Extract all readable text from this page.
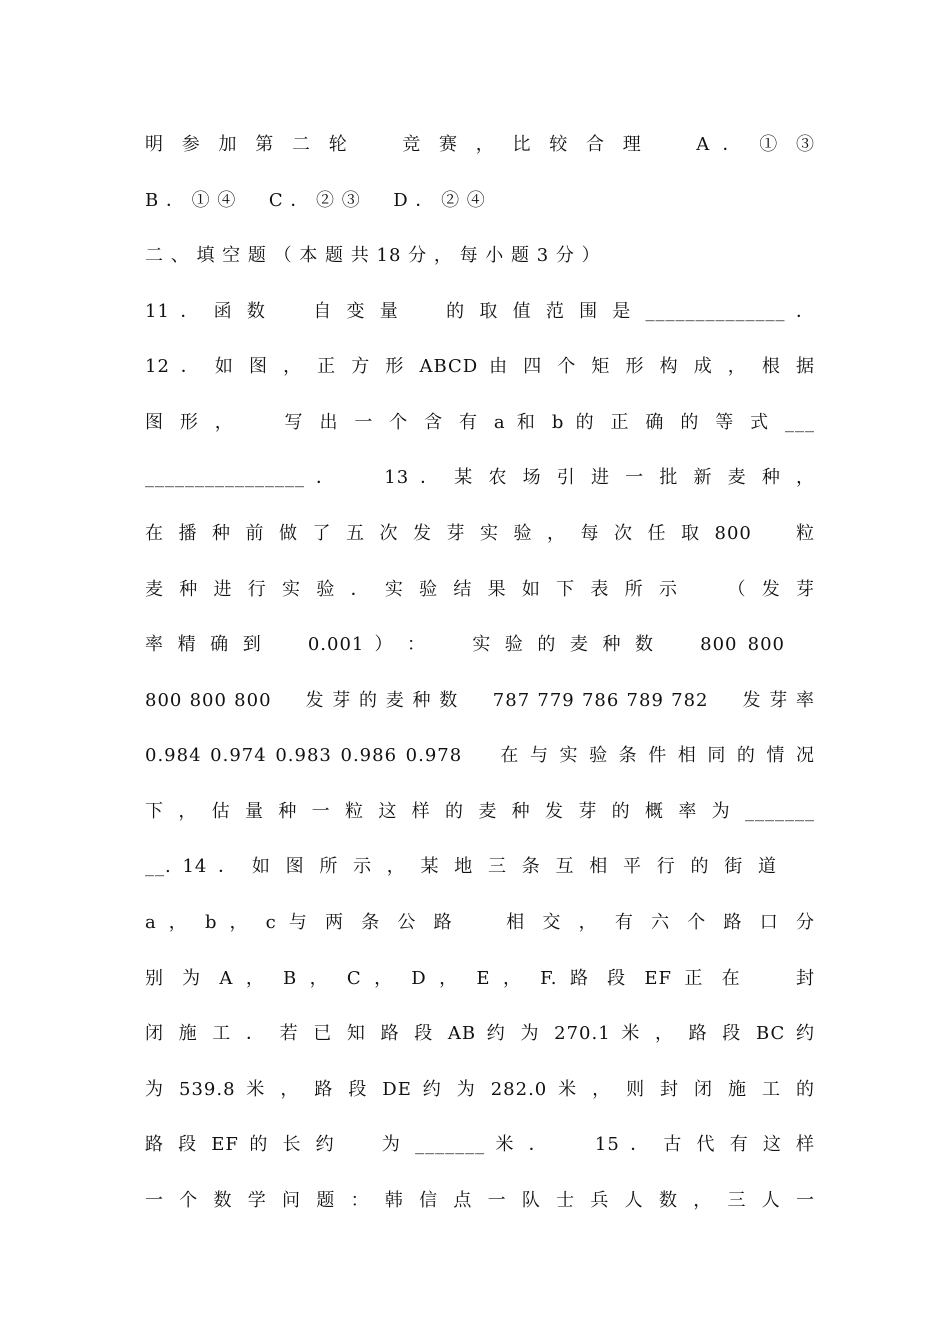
明 参 加 第 二 轮 　 竞 赛 ， 比 较 合 理 　 A ． ① ③
B ． ① ④ 　 C ． ② ③ 　 D ． ② ④
二 、 填 空 题 （ 本 题 共 18 分 ， 每 小 题 3 分 ）
11 ． 函 数 　 自 变 量 　 的 取 值 范 围 是 ______________ ．
12 ． 如 图 ， 正 方 形 ABCD 由 四 个 矩 形 构 成 ， 根 据
图 形 ， 　 写 出 一 个 含 有 a 和 b 的 正 确 的 等 式 ___
________________ ． 　 13 ． 某 农 场 引 进 一 批 新 麦 种 ，
在 播 种 前 做 了 五 次 发 芽 实 验 ， 每 次 任 取 800 　 粒
麦 种 进 行 实 验 ． 实 验 结 果 如 下 表 所 示 　 （ 发 芽
率 精 确 到 　 0.001 ） ： 　 实 验 的 麦 种 数 　 800 800
800 800 800 　 发 芽 的 麦 种 数 　 787 779 786 789 782 　 发 芽 率
0.984 0.974 0.983 0.986 0.978 　 在 与 实 验 条 件 相 同 的 情 况
下 ， 估 量 种 一 粒 这 样 的 麦 种 发 芽 的 概 率 为 _______
__. 14 ． 如 图 所 示 ， 某 地 三 条 互 相 平 行 的 街 道
a ， b ， c 与 两 条 公 路 　 相 交 ， 有 六 个 路 口 分
别 为 A ， B ， C ， D ， E ， F. 路 段 EF 正 在 　 封
闭 施 工 ． 若 已 知 路 段 AB 约 为 270.1 米 ， 路 段 BC 约
为 539.8 米 ， 路 段 DE 约 为 282.0 米 ， 则 封 闭 施 工 的
路 段 EF 的 长 约 　 为 _______ 米 ． 　 15 ． 古 代 有 这 样
一 个 数 学 问 题 ： 韩 信 点 一 队 士 兵 人 数 ， 三 人 一
